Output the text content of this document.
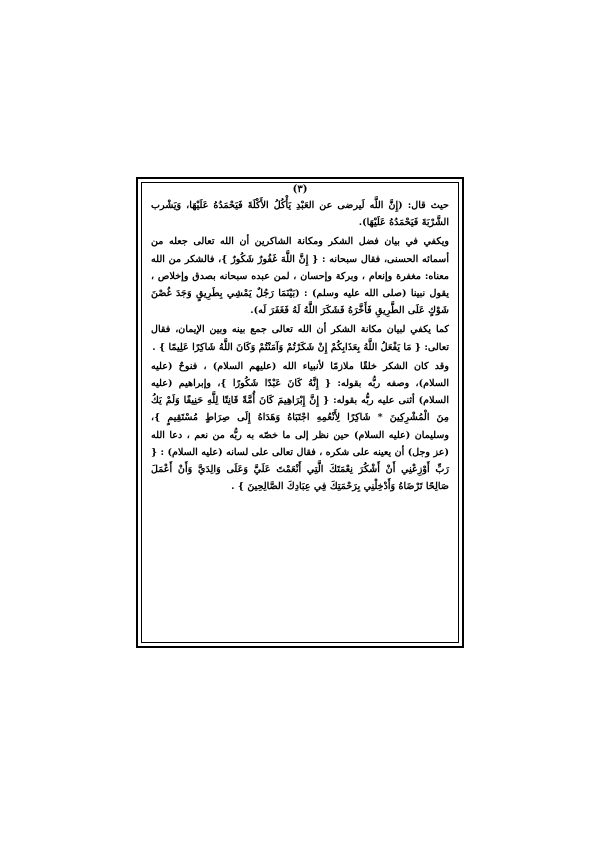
(٣)

حيث قال: (إِنَّ اللَّه لَيرضى عن العَبْدِ يَأْكُلُ الأَكْلَةَ فَيَحْمَدُهُ عَلَيْهَا، وَيَشْرب الشَّرْبَةَ فَيَحْمَدُهُ عَلَيْهَا).

ويكفي في بيان فضل الشكر ومكانة الشاكرين أن الله تعالى جعله من أسمائه الحسنى، فقال سبحانه : { إِنَّ اللَّهَ غَفُورٌ شَكُورٌ }، فالشكر من الله معناه: مغفرة وإنعام ، وبركة وإحسان ، لمن عبده سبحانه بصدق وإخلاص ، يقول نبينا (صلى الله عليه وسلم) : (بَيْنَمَا رَجُلٌ يَمْشِي بِطَرِيقٍ وَجَدَ غُصْنَ شَوْكٍ عَلَى الطَّرِيقِ فَأَخَّرَهُ فَشَكَرَ اللَّهُ لَهُ فَغَفَرَ لَه).

كما يكفي لبيان مكانة الشكر أن الله تعالى جمع بينه وبين الإيمان، فقال تعالى: { مَا يَفْعَلُ اللَّهُ بِعَذَابِكُمْ إِنْ شَكَرْتُمْ وَآمَنْتُمْ وَكَانَ اللَّهُ شَاكِرًا عَلِيمًا } .

وقد كان الشكر خلقًا ملازمًا لأنبياء الله (عليهم السلام) ، فنوحٌ (عليه السلام)، وصفه ربُّه بقوله: { إِنَّهُ كَانَ عَبْدًا شَكُورًا }، وإبراهيم (عليه السلام) أثنى عليه ربُّه بقوله: { إِنَّ إِبْرَاهِيمَ كَانَ أُمَّةً قَانِتًا لِلَّهِ حَنِيفًا وَلَمْ يَكُ مِنَ الْمُشْرِكِينَ * شَاكِرًا لِأَنْعُمِهِ اجْتَبَاهُ وَهَدَاهُ إِلَى صِرَاطٍ مُسْتَقِيمٍ }، وسليمان (عليه السلام) حين نظر إلى ما خصّه به ربُّه من نعم ، دعا الله (عز وجل) أن يعينه على شكره ، فقال تعالى على لسانه (عليه السلام) : { رَبِّ أَوْزِعْنِي أَنْ أَشْكُرَ نِعْمَتَكَ الَّتِي أَنْعَمْتَ عَلَيَّ وَعَلَى وَالِدَيَّ وَأَنْ أَعْمَلَ صَالِحًا تَرْضَاهُ وَأَدْخِلْنِي بِرَحْمَتِكَ فِي عِبَادِكَ الصَّالِحِينَ } .
